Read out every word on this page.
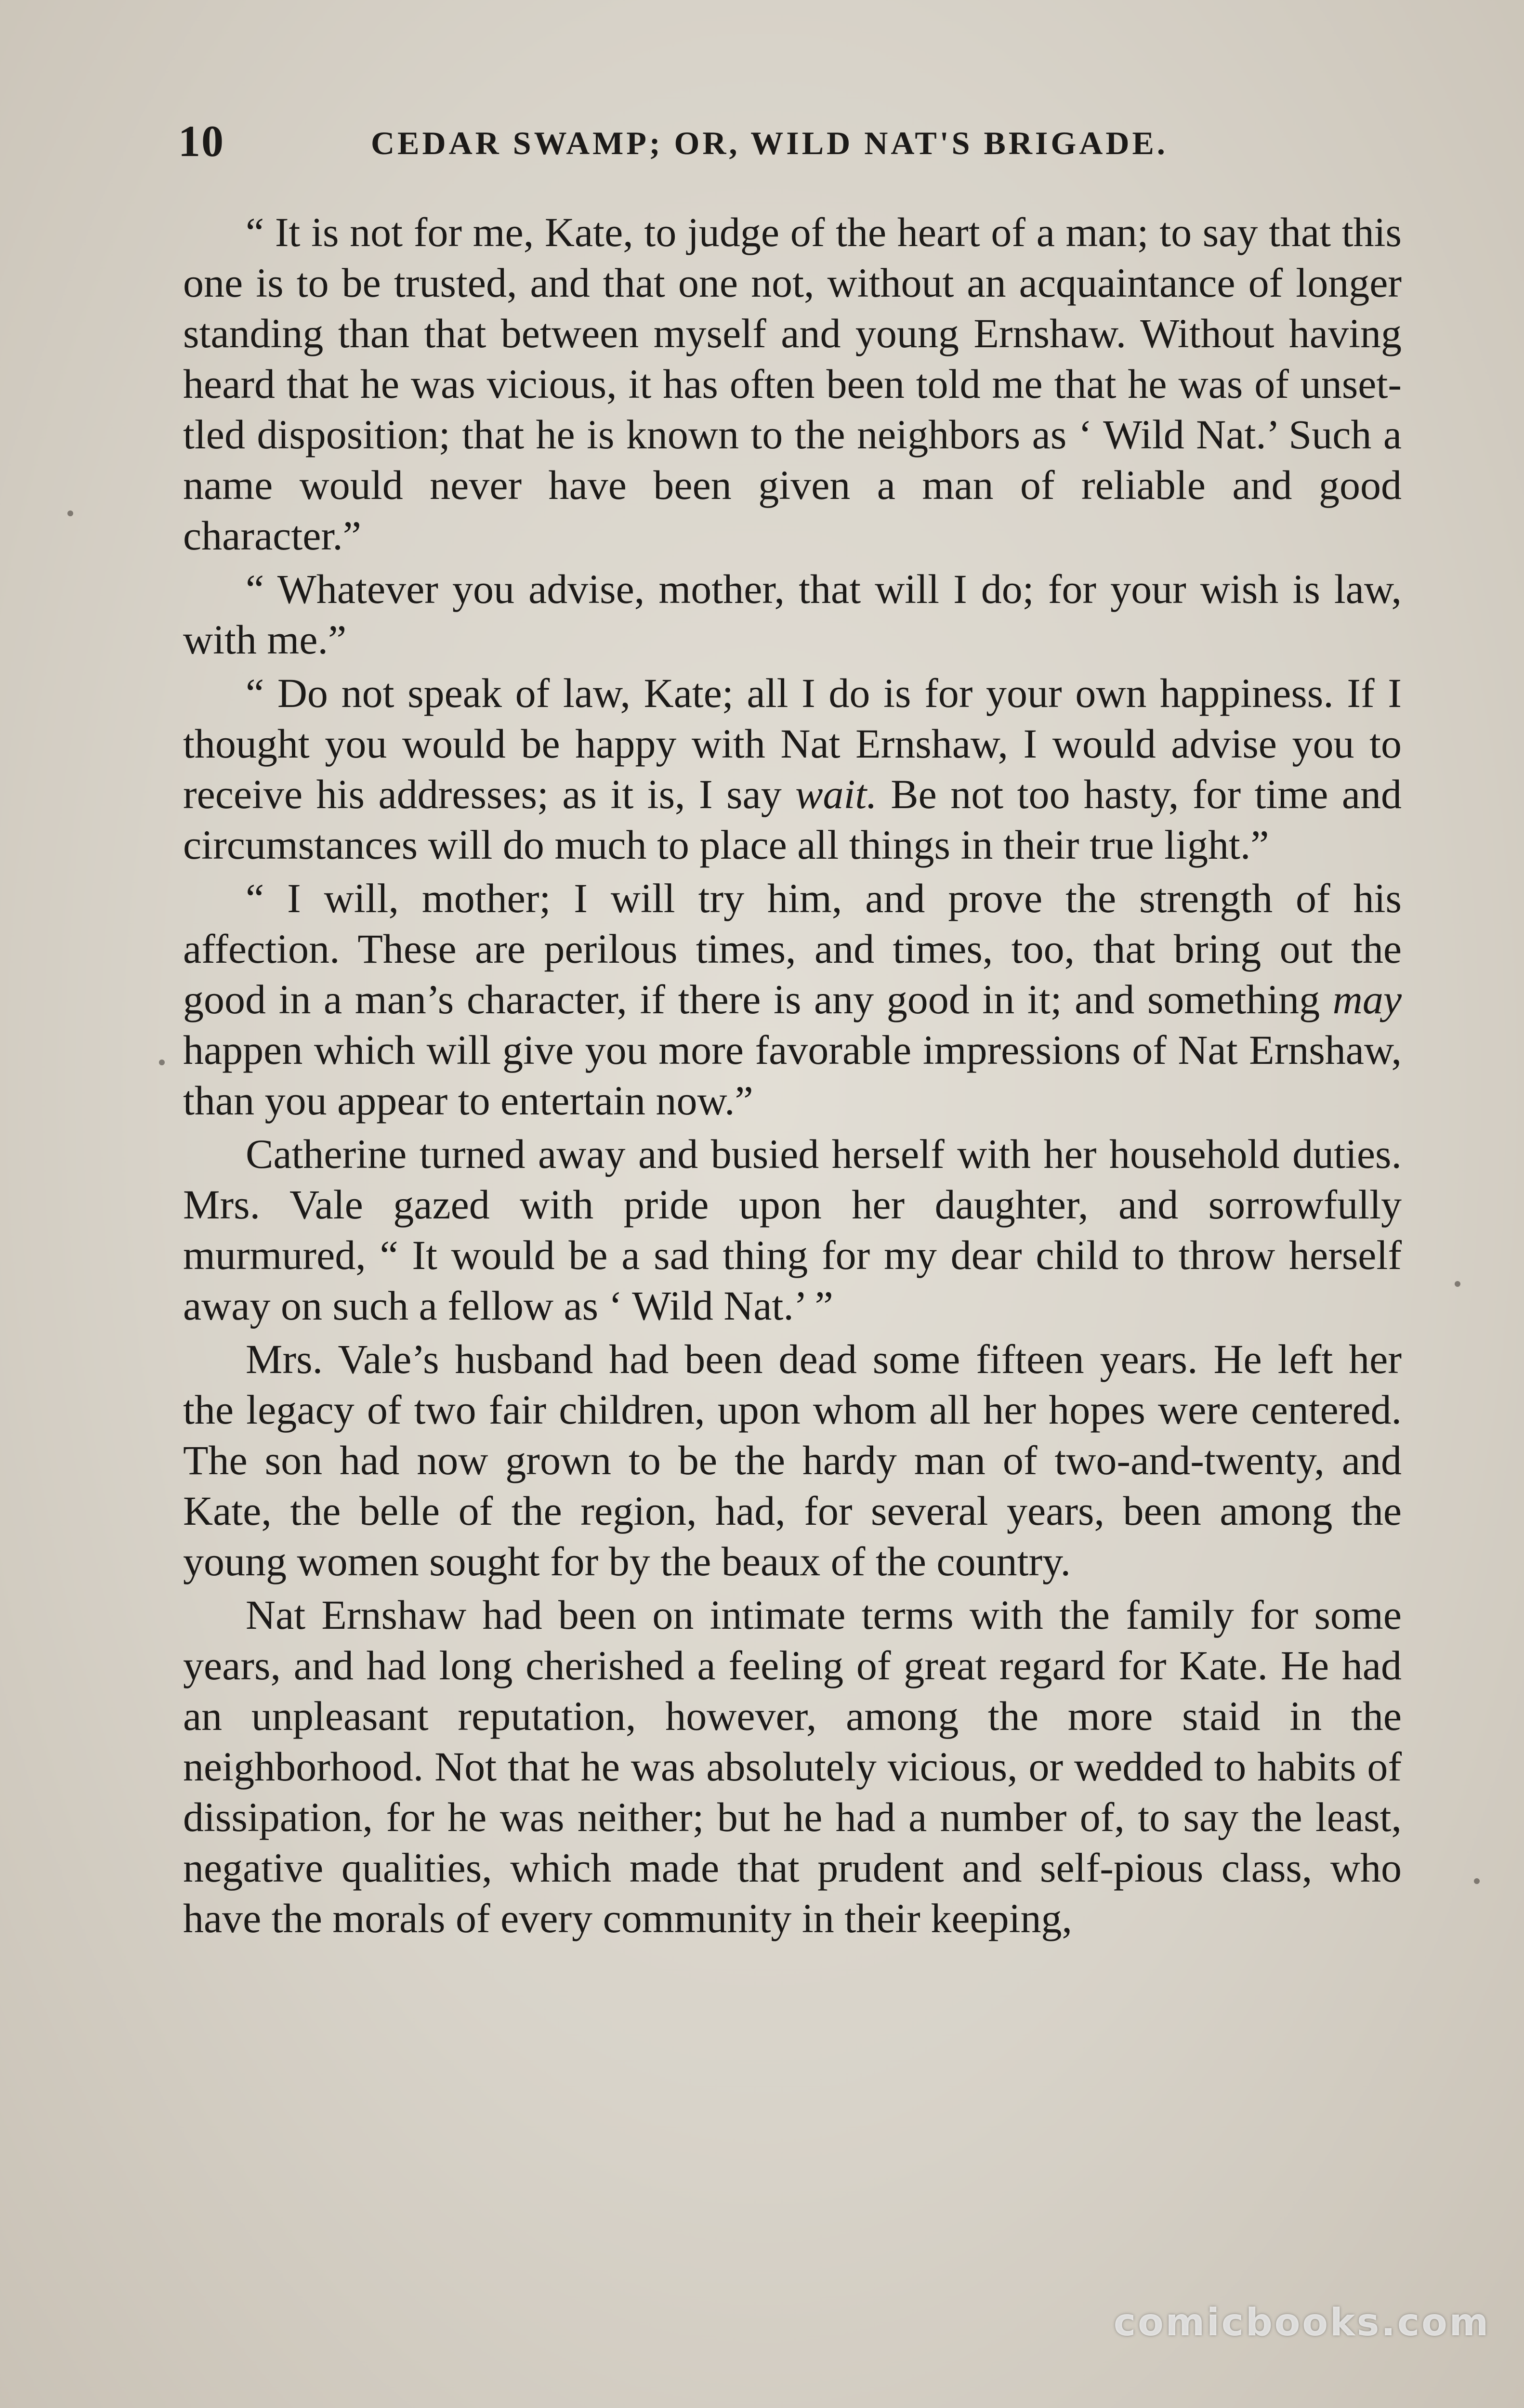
10	CEDAR SWAMP; OR, WILD NAT'S BRIGADE.

“ It is not for me, Kate, to judge of the heart of a man; to say that this one is to be trusted, and that one not, without an acquaintance of longer standing than that between myself and young Ernshaw. Without having heard that he was vicious, it has often been told me that he was of unsettled disposition; that he is known to the neighbors as ‘ Wild Nat.’ Such a name would never have been given a man of reliable and good character.”

“ Whatever you advise, mother, that will I do; for your wish is law, with me.”

“ Do not speak of law, Kate; all I do is for your own happiness. If I thought you would be happy with Nat Ernshaw, I would advise you to receive his addresses; as it is, I say wait. Be not too hasty, for time and circumstances will do much to place all things in their true light.”

“ I will, mother; I will try him, and prove the strength of his affection. These are perilous times, and times, too, that bring out the good in a man’s character, if there is any good in it; and something may happen which will give you more favorable impressions of Nat Ernshaw, than you appear to entertain now.”

Catherine turned away and busied herself with her household duties. Mrs. Vale gazed with pride upon her daughter, and sorrowfully murmured, “ It would be a sad thing for my dear child to throw herself away on such a fellow as ‘ Wild Nat.’ ”

Mrs. Vale’s husband had been dead some fifteen years. He left her the legacy of two fair children, upon whom all her hopes were centered. The son had now grown to be the hardy man of two-and-twenty, and Kate, the belle of the region, had, for several years, been among the young women sought for by the beaux of the country.

Nat Ernshaw had been on intimate terms with the family for some years, and had long cherished a feeling of great regard for Kate. He had an unpleasant reputation, however, among the more staid in the neighborhood. Not that he was absolutely vicious, or wedded to habits of dissipation, for he was neither; but he had a number of, to say the least, negative qualities, which made that prudent and self-pious class, who have the morals of every community in their keeping,

comicbooks.com
